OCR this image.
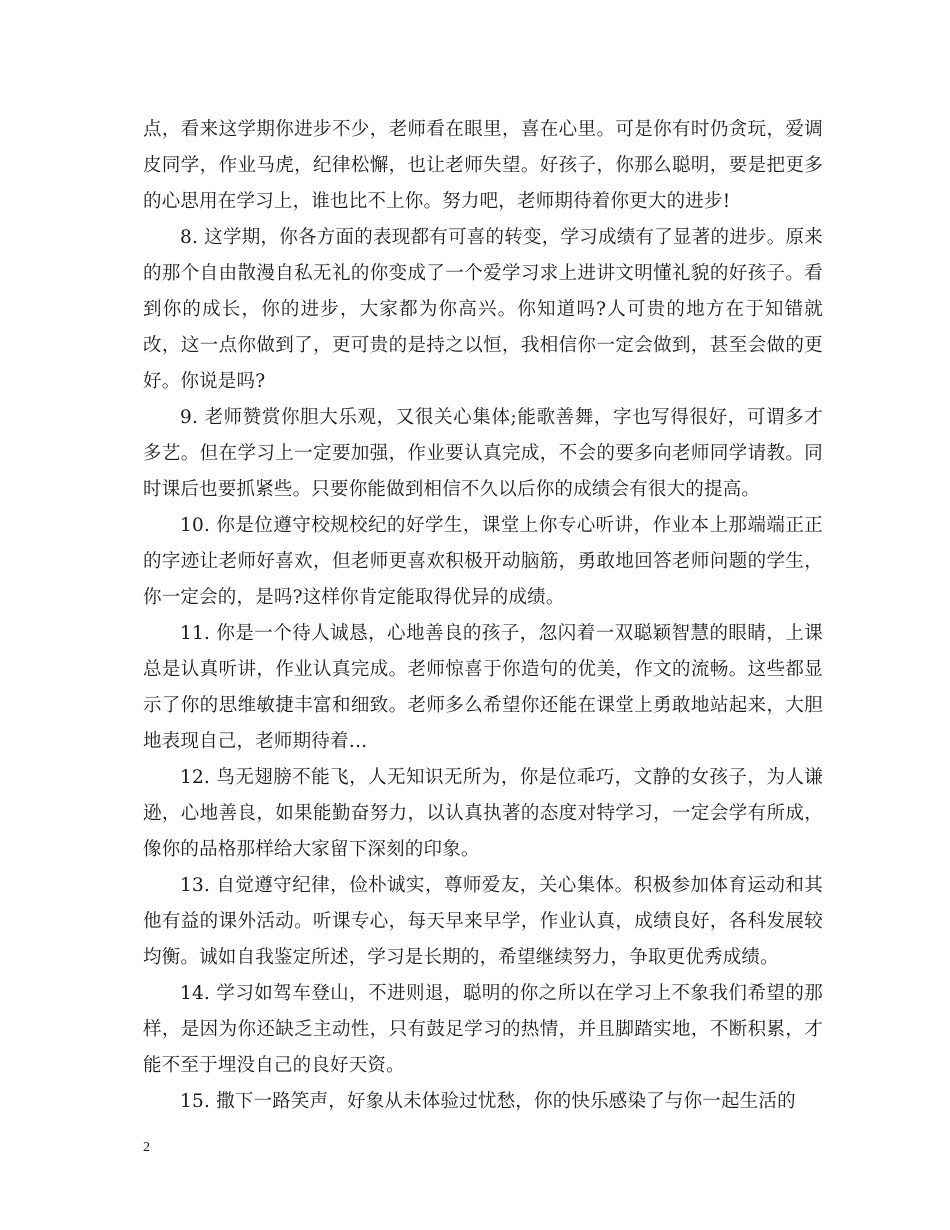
点，看来这学期你进步不少，老师看在眼里，喜在心里。可是你有时仍贪玩，爱调皮同学，作业马虎，纪律松懈，也让老师失望。好孩子，你那么聪明，要是把更多的心思用在学习上，谁也比不上你。努力吧，老师期待着你更大的进步!

8. 这学期，你各方面的表现都有可喜的转变，学习成绩有了显著的进步。原来的那个自由散漫自私无礼的你变成了一个爱学习求上进讲文明懂礼貌的好孩子。看到你的成长，你的进步，大家都为你高兴。你知道吗?人可贵的地方在于知错就改，这一点你做到了，更可贵的是持之以恒，我相信你一定会做到，甚至会做的更好。你说是吗?

9. 老师赞赏你胆大乐观，又很关心集体;能歌善舞，字也写得很好，可谓多才多艺。但在学习上一定要加强，作业要认真完成，不会的要多向老师同学请教。同时课后也要抓紧些。只要你能做到相信不久以后你的成绩会有很大的提高。

10. 你是位遵守校规校纪的好学生，课堂上你专心听讲，作业本上那端端正正的字迹让老师好喜欢，但老师更喜欢积极开动脑筋，勇敢地回答老师问题的学生，你一定会的，是吗?这样你肯定能取得优异的成绩。

11. 你是一个待人诚恳，心地善良的孩子，忽闪着一双聪颖智慧的眼睛，上课总是认真听讲，作业认真完成。老师惊喜于你造句的优美，作文的流畅。这些都显示了你的思维敏捷丰富和细致。老师多么希望你还能在课堂上勇敢地站起来，大胆地表现自己，老师期待着…

12. 鸟无翅膀不能飞，人无知识无所为，你是位乖巧，文静的女孩子，为人谦逊，心地善良，如果能勤奋努力，以认真执著的态度对特学习，一定会学有所成，像你的品格那样给大家留下深刻的印象。

13. 自觉遵守纪律，俭朴诚实，尊师爱友，关心集体。积极参加体育运动和其他有益的课外活动。听课专心，每天早来早学，作业认真，成绩良好，各科发展较均衡。诚如自我鉴定所述，学习是长期的，希望继续努力，争取更优秀成绩。

14. 学习如驾车登山，不进则退，聪明的你之所以在学习上不象我们希望的那样，是因为你还缺乏主动性，只有鼓足学习的热情，并且脚踏实地，不断积累，才能不至于埋没自己的良好天资。

15. 撒下一路笑声，好象从未体验过忧愁，你的快乐感染了与你一起生活的

2
